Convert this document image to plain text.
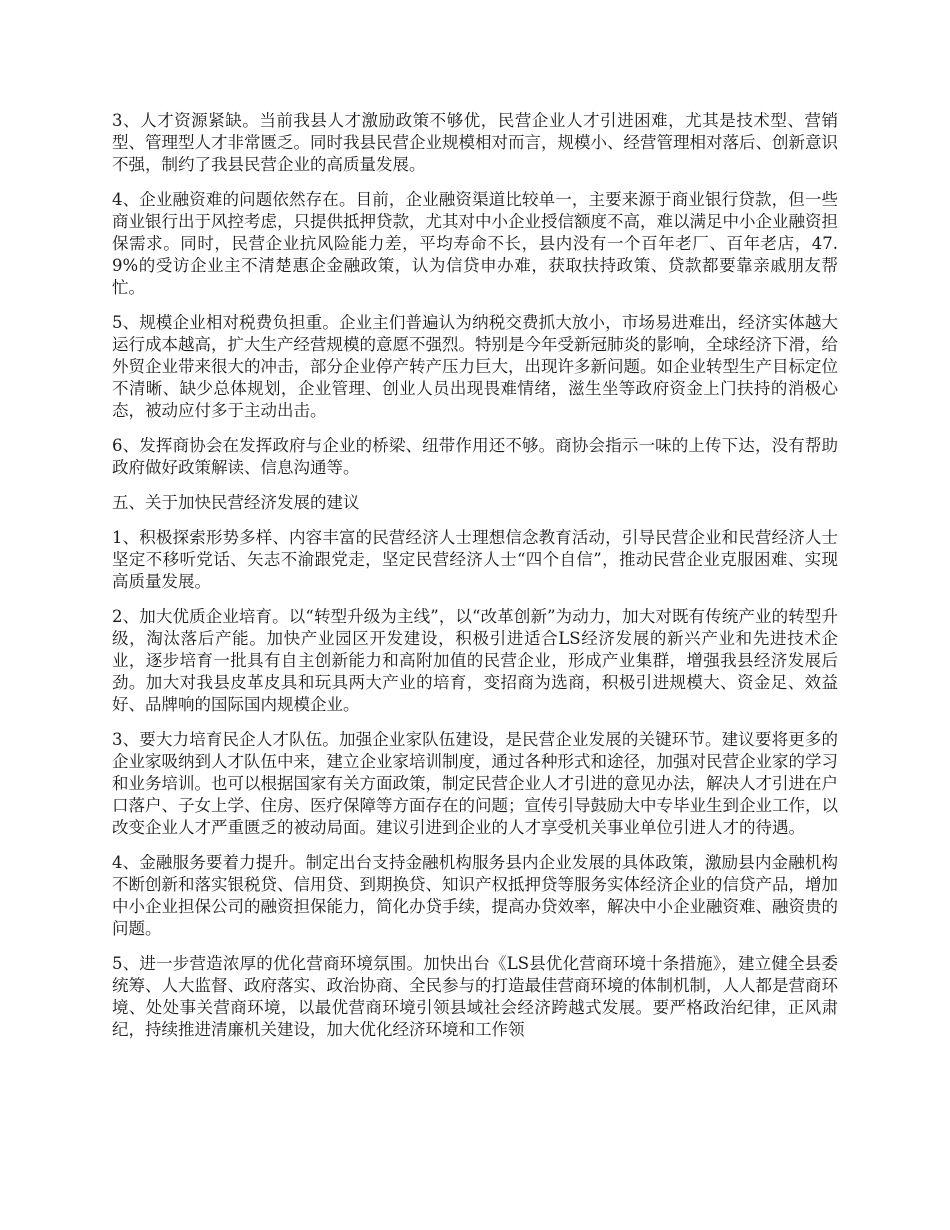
3、人才资源紧缺。当前我县人才激励政策不够优，民营企业人才引进困难，尤其是技术型、营销型、管理型人才非常匮乏。同时我县民营企业规模相对而言，规模小、经营管理相对落后、创新意识不强，制约了我县民营企业的高质量发展。

4、企业融资难的问题依然存在。目前，企业融资渠道比较单一，主要来源于商业银行贷款，但一些商业银行出于风控考虑，只提供抵押贷款，尤其对中小企业授信额度不高，难以满足中小企业融资担保需求。同时，民营企业抗风险能力差，平均寿命不长，县内没有一个百年老厂、百年老店，47.9%的受访企业主不清楚惠企金融政策，认为信贷申办难，获取扶持政策、贷款都要靠亲戚朋友帮忙。

5、规模企业相对税费负担重。企业主们普遍认为纳税交费抓大放小，市场易进难出，经济实体越大运行成本越高，扩大生产经营规模的意愿不强烈。特别是今年受新冠肺炎的影响，全球经济下滑，给外贸企业带来很大的冲击，部分企业停产转产压力巨大，出现许多新问题。如企业转型生产目标定位不清晰、缺少总体规划，企业管理、创业人员出现畏难情绪，滋生坐等政府资金上门扶持的消极心态，被动应付多于主动出击。

6、发挥商协会在发挥政府与企业的桥梁、纽带作用还不够。商协会指示一味的上传下达，没有帮助政府做好政策解读、信息沟通等。

五、关于加快民营经济发展的建议

1、积极探索形势多样、内容丰富的民营经济人士理想信念教育活动，引导民营企业和民营经济人士坚定不移听党话、矢志不渝跟党走，坚定民营经济人士“四个自信”，推动民营企业克服困难、实现高质量发展。

2、加大优质企业培育。以“转型升级为主线”，以“改革创新”为动力，加大对既有传统产业的转型升级，淘汰落后产能。加快产业园区开发建设，积极引进适合LS经济发展的新兴产业和先进技术企业，逐步培育一批具有自主创新能力和高附加值的民营企业，形成产业集群，增强我县经济发展后劲。加大对我县皮革皮具和玩具两大产业的培育，变招商为选商，积极引进规模大、资金足、效益好、品牌响的国际国内规模企业。

3、要大力培育民企人才队伍。加强企业家队伍建设，是民营企业发展的关键环节。建议要将更多的企业家吸纳到人才队伍中来，建立企业家培训制度，通过各种形式和途径，加强对民营企业家的学习和业务培训。也可以根据国家有关方面政策，制定民营企业人才引进的意见办法，解决人才引进在户口落户、子女上学、住房、医疗保障等方面存在的问题；宣传引导鼓励大中专毕业生到企业工作，以改变企业人才严重匮乏的被动局面。建议引进到企业的人才享受机关事业单位引进人才的待遇。

4、金融服务要着力提升。制定出台支持金融机构服务县内企业发展的具体政策，激励县内金融机构不断创新和落实银税贷、信用贷、到期换贷、知识产权抵押贷等服务实体经济企业的信贷产品，增加中小企业担保公司的融资担保能力，简化办贷手续，提高办贷效率，解决中小企业融资难、融资贵的问题。

5、进一步营造浓厚的优化营商环境氛围。加快出台《LS县优化营商环境十条措施》，建立健全县委统筹、人大监督、政府落实、政治协商、全民参与的打造最佳营商环境的体制机制，人人都是营商环境、处处事关营商环境，以最优营商环境引领县域社会经济跨越式发展。要严格政治纪律，正风肃纪，持续推进清廉机关建设，加大优化经济环境和工作领
